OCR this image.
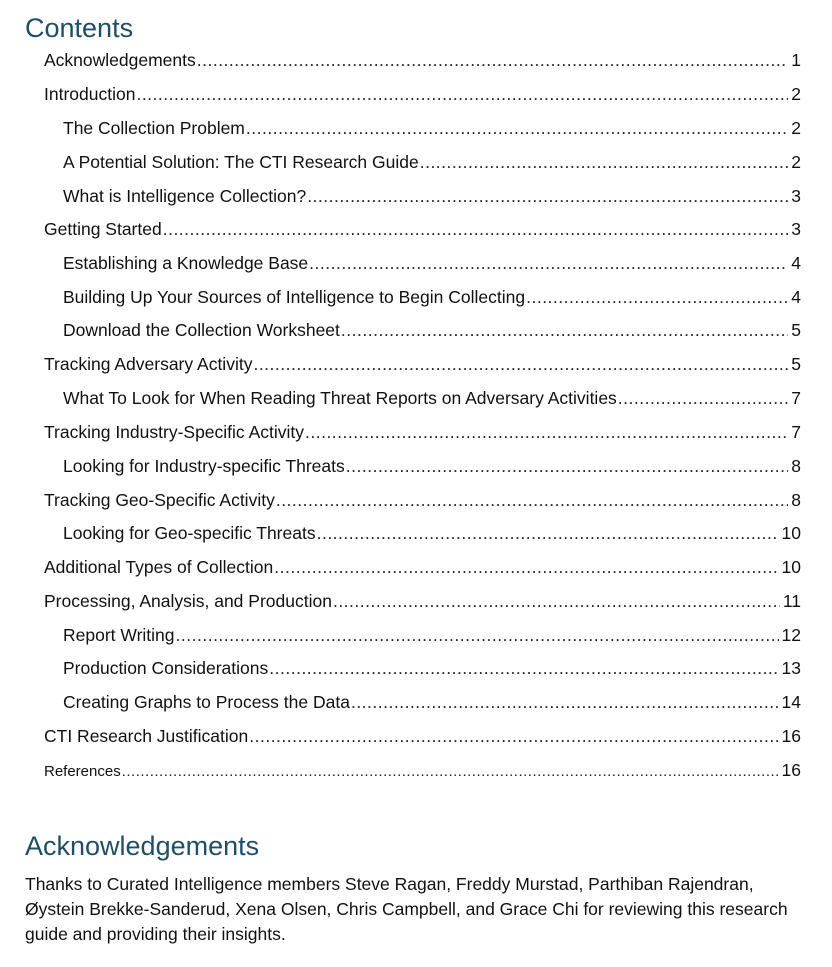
Contents
Acknowledgements .....	1
Introduction .....	2
The Collection Problem .....	2
A Potential Solution: The CTI Research Guide .....	2
What is Intelligence Collection? .....	3
Getting Started .....	3
Establishing a Knowledge Base .....	4
Building Up Your Sources of Intelligence to Begin Collecting .....	4
Download the Collection Worksheet .....	5
Tracking Adversary Activity .....	5
What To Look for When Reading Threat Reports on Adversary Activities .....	7
Tracking Industry-Specific Activity .....	7
Looking for Industry-specific Threats .....	8
Tracking Geo-Specific Activity .....	8
Looking for Geo-specific Threats .....	10
Additional Types of Collection .....	10
Processing, Analysis, and Production .....	11
Report Writing .....	12
Production Considerations .....	13
Creating Graphs to Process the Data .....	14
CTI Research Justification .....	16
References .....	16
Acknowledgements

Thanks to Curated Intelligence members Steve Ragan, Freddy Murstad, Parthiban Rajendran, Øystein Brekke-Sanderud, Xena Olsen, Chris Campbell, and Grace Chi for reviewing this research guide and providing their insights.
